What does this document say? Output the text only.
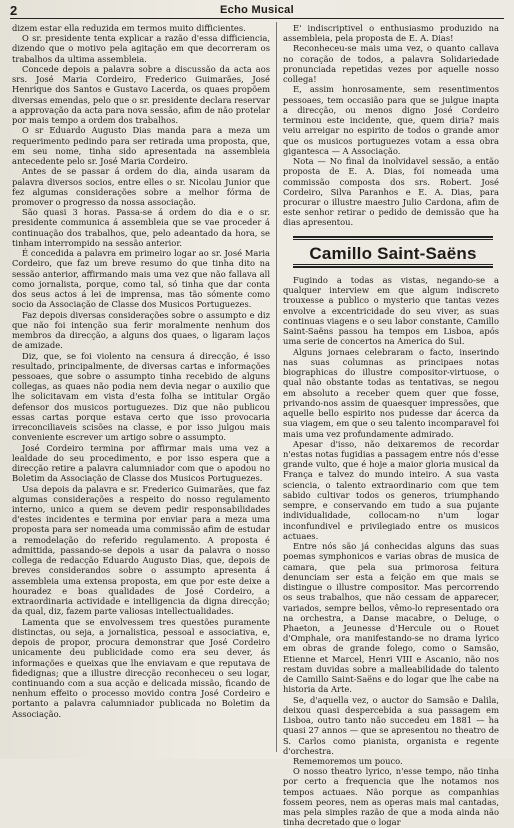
2	Echo Musical

dizem estar ella reduzida em termos muito difficientes.

O sr. presidente tenta explicar a razão d'essa difficiencia, dizendo que o motivo pela agitação em que decorreram os trabalhos da ultima assembleia.

Concede depois a palavra sobre a discussão da acta aos srs. José Maria Cordeiro, Frederico Guimarães, José Henrique dos Santos e Gustavo Lacerda, os quaes propõem diversas emendas, pelo que o sr. presidente declara reservar a approvação da acta para nova sessão, afim de não protelar por mais tempo a ordem dos trabalhos.

O sr Eduardo Augusto Dias manda para a meza um requerimento pedindo para ser retirada uma proposta, que, em seu nome, tinha sido apresentada na assembleia antecedente pelo sr. José Maria Cordeiro.

Antes de se passar á ordem do dia, ainda usaram da palavra diversos socios, entre elles o sr. Nicolau Junior que fez algumas considerações sobre a melhor fórma de promover o progresso da nossa associação.

São quasi 3 horas. Passa-se á ordem do dia e o sr. presidente communica á assembleia que se vae proceder á continuação dos trabalhos, que, pelo adeantado da hora, se tinham interrompido na sessão anterior.

É concedida a palavra em primeiro logar ao sr. José Maria Cordeiro, que faz um breve resumo do que tinha dito na sessão anterior, affirmando mais uma vez que não fallava all como jornalista, porque, como tal, só tinha que dar conta dos seus actos á lei de imprensa, mas tão sómente como socio da Associação de Classe dos Musicos Portuguezes.

Faz depois diversas considerações sobre o assumpto e diz que não foi intenção sua ferir moralmente nenhum dos membros da direcção, a alguns dos quaes, o ligaram laços de amizade.

Diz, que, se foi violento na censura á direcção, é isso resultado, principalmente, de diversas cartas e informações pessoaes, que sobre o assumpto tinha recebido de alguns collegas, as quaes não podia nem devia negar o auxilio que lhe solicitavam em vista d'esta folha se intitular Orgão defensor dos musicos portuguezes. Diz que não publicou essas cartas porque estava certo que isso provocaria irreconciliaveis scisões na classe, e por isso julgou mais conveniente escrever um artigo sobre o assumpto.

José Cordeiro termina por affirmar mais uma vez a lealdade do seu procedimento, e por isso espera que a direcção retire a palavra calumniador com que o apodou no Boletim da Associação de Classe dos Musicos Portuguezes.

Usa depois da palavra e sr. Frederico Guimarães, que faz algumas considerações a respeito do nosso regulamento interno, unico a quem se devem pedir responsabilidades d'estes incidentes e termina por enviar para a meza uma proposta para ser nomeada uma commissão afim de estudar a remodelação do referido regulamento. A proposta é admittida, passando-se depois a usar da palavra o nosso collega de redacção Eduardo Augusto Dias, que, depois de breves considerandos sobre o assumpto apresenta á assembleia uma extensa proposta, em que por este deixe a houradez e boas qualidades de José Cordeiro, a extraordinaria actividade e intelligencia da digna direcção; da qual, diz, fazem parte valiosas intellectualidades.

Lamenta que se envolvessem tres questões puramente distinctas, ou seja, a jornalistica, pessoal e associativa, e, depois de propor, procura demonstrar que José Cordeiro unicamente deu publicidade como era seu dever, ás informações e queixas que lhe enviavam e que reputava de fidedignas; que a illustre direcção reconheceu o seu logar, continuando com a sua acção e delicada missão, ficando de nenhum effeito o processo movido contra José Cordeiro e portanto a palavra calumniador publicada no Boletim da Associação.

E' indiscriptivel o enthusiasmo produzido na assembleia, pela proposta de E. A. Dias!

Reconheceu-se mais uma vez, o quanto callava no coração de todos, a palavra Solidariedade pronunciada repetidas vezes por aquelle nosso collega!

E, assim honrosamente, sem resentimentos pessoaes, tem occasião para que se julgue inapta a direcção, ou menos digno José Cordeiro terminou este incidente, que, quem diria? mais veiu arreigar no espirito de todos o grande amor que os musicos portuguezes votam a essa obra gigantesca — A Associação.

Nota — No final da inolvidavel sessão, a então proposta de E. A. Dias, foi nomeada uma commissão composta dos srs. Robert. José Cordeiro, Silva Paranhos e E. A. Dias, para procurar o illustre maestro Julio Cardona, afim de este senhor retirar o pedido de demissão que ha dias apresentou.

Camillo Saint-Saëns

Fugindo a todas as vistas, negando-se a qualquer interview em que algum indiscreto trouxesse a publico o mysterio que tantas vezes envolve a excentricidade do seu viver, as suas continuas viagens e o seu labor constante, Camillo Saint-Saëns passou ha tempos em Lisboa, após uma serie de concertos na America do Sul.

Alguns jornaes celebraram o facto, inserindo nas suas columnas as principaes notas biographicas do illustre compositor-virtuose, o qual não obstante todas as tentativas, se negou em absoluto a receber quem quer que fosse, privando-nos assim de quaesquer impressões, que aquelle bello espirito nos pudesse dar ácerca da sua viagem, em que o seu talento incomparavel foi mais uma vez profundamente admirado.

Apesar d'isso, não deixaremos de recordar n'estas notas fugidias a passagem entre nós d'esse grande vulto, que é hoje a maior gloria musical da França e talvez do mundo inteiro. A sua vasta sciencia, o talento extraordinario com que tem sabido cultivar todos os generos, triumphando sempre, e conservando em tudo a sua pujante individualidade, collocam-no n'um logar inconfundivel e privilegiado entre os musicos actuaes.

Entre nós são já conhecidas alguns das suas poemas symphonicos e varias obras de musica de camara, que pela sua primorosa feitura denunciam ser esta a feição em que mais se distingue o illustre compositor. Mas percorrendo os seus trabalhos, que não cessam de apparecer, variados, sempre bellos, vêmo-lo representado ora na orchestra, a Danse macabre, o Deluge, o Phaeton, a Jeunesse d'Hercule ou o Rouet d'Omphale, ora manifestando-se no drama lyrico em obras de grande folego, como o Samsão, Etienne et Marcel, Henri VIII e Ascanio, não nos restam duvidas sobre a malleabilidade do talento de Camillo Saint-Saëns e do logar que lhe cabe na historia da Arte.

Se, d'aquella vez, o auctor do Samsão e Dalila, deixou quasi despercebida a sua passagem em Lisboa, outro tanto não succedeu em 1881 — ha quasi 27 annos — que se apresentou no theatro de S. Carlos como pianista, organista e regente d'orchestra.

Rememoremos um pouco.

O nosso theatro lyrico, n'esse tempo, não tinha por certo a frequencia que lhe notamos nos tempos actuaes. Não porque as companhias fossem peores, nem as operas mais mal cantadas, mas pela simples razão de que a moda ainda não tinha decretado que o logar
